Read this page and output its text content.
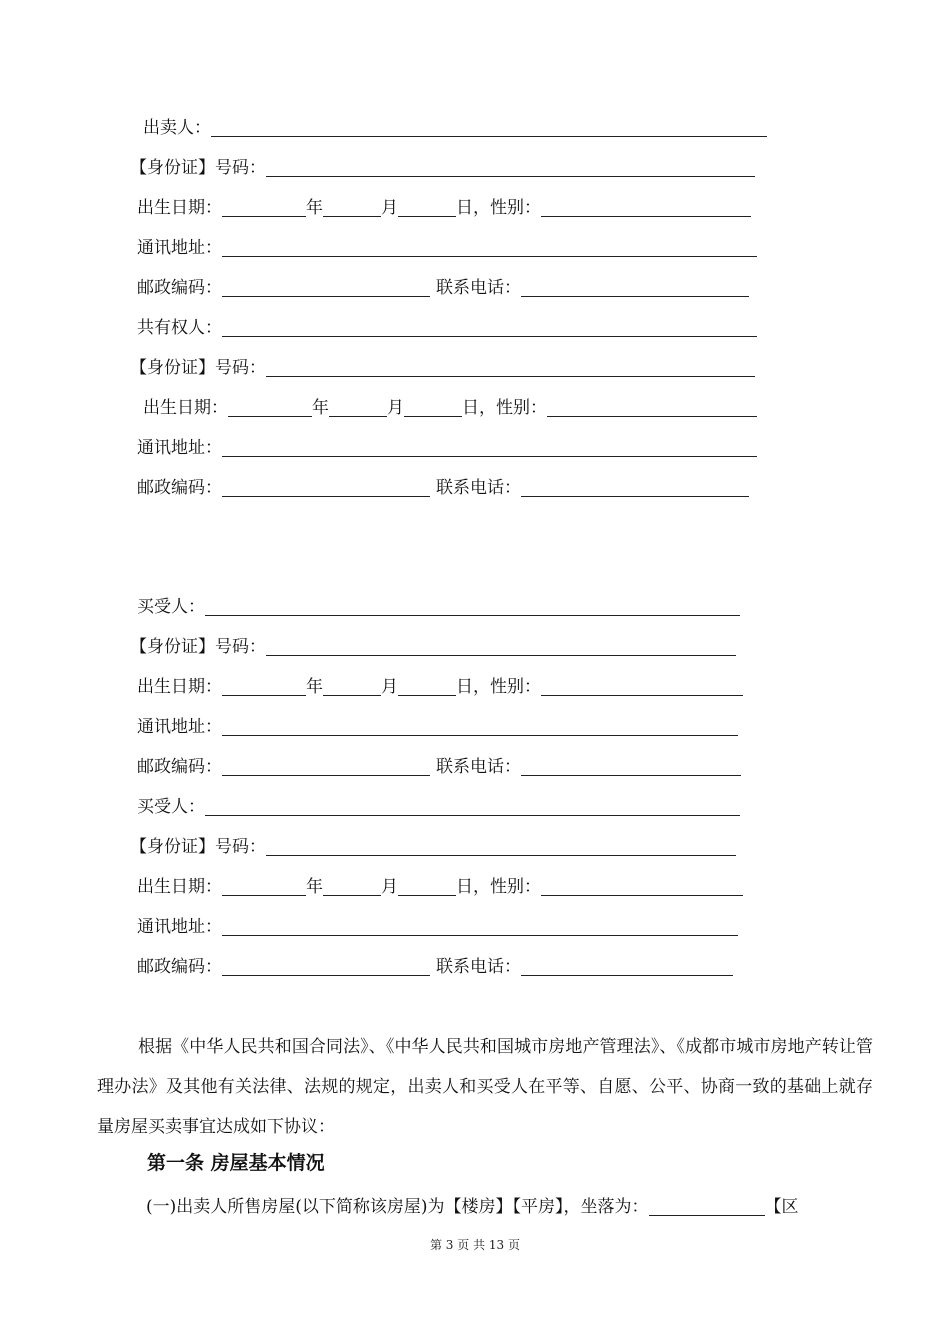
出卖人：
【身份证】号码：
出生日期：	年	月	日，性别：
通讯地址：
邮政编码：	联系电话：
共有权人：
【身份证】号码：
出生日期：	年	月	日，性别：
通讯地址：
邮政编码：	联系电话：
买受人：
【身份证】号码：
出生日期：	年	月	日，性别：
通讯地址：
邮政编码：	联系电话：
买受人：
【身份证】号码：
出生日期：	年	月	日，性别：
通讯地址：
邮政编码：	联系电话：
根据《中华人民共和国合同法》、《中华人民共和国城市房地产管理法》、《成都市城市房地产转让管理办法》及其他有关法律、法规的规定，出卖人和买受人在平等、自愿、公平、协商一致的基础上就存量房屋买卖事宜达成如下协议：
第一条 房屋基本情况
(一)出卖人所售房屋(以下简称该房屋)为【楼房】【平房】，坐落为：	【区
第 3 页 共 13 页
